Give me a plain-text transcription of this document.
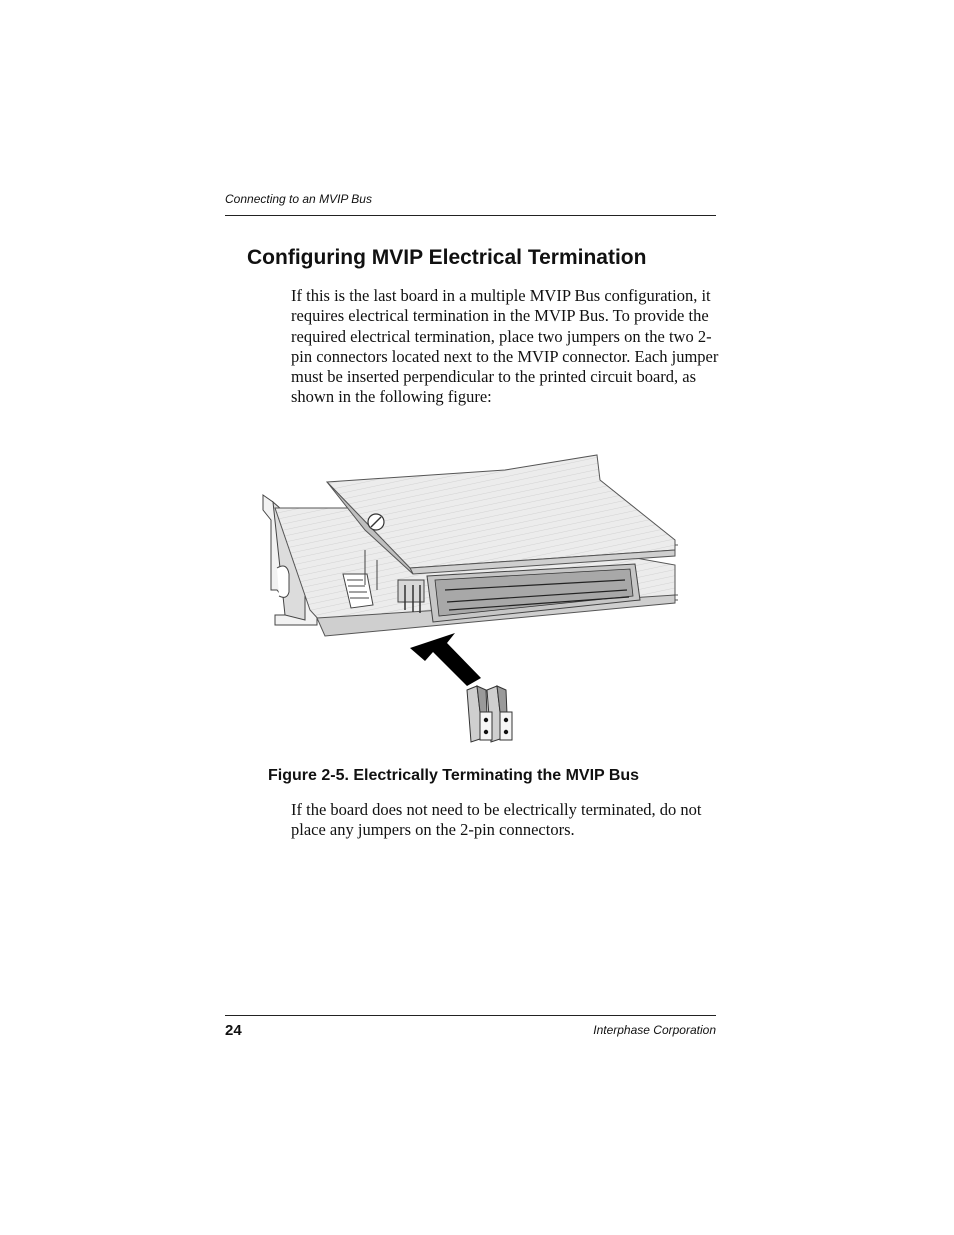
Connecting to an MVIP Bus
Configuring MVIP Electrical Termination

If this is the last board in a multiple MVIP Bus configuration, it requires electrical termination in the MVIP Bus. To provide the required electrical termination, place two jumpers on the two 2-pin connectors located next to the MVIP connector. Each jumper must be inserted perpendicular to the printed circuit board, as shown in the following figure:

Figure 2-5. Electrically Terminating the MVIP Bus

If the board does not need to be electrically terminated, do not place any jumpers on the 2-pin connectors.

24	Interphase Corporation
